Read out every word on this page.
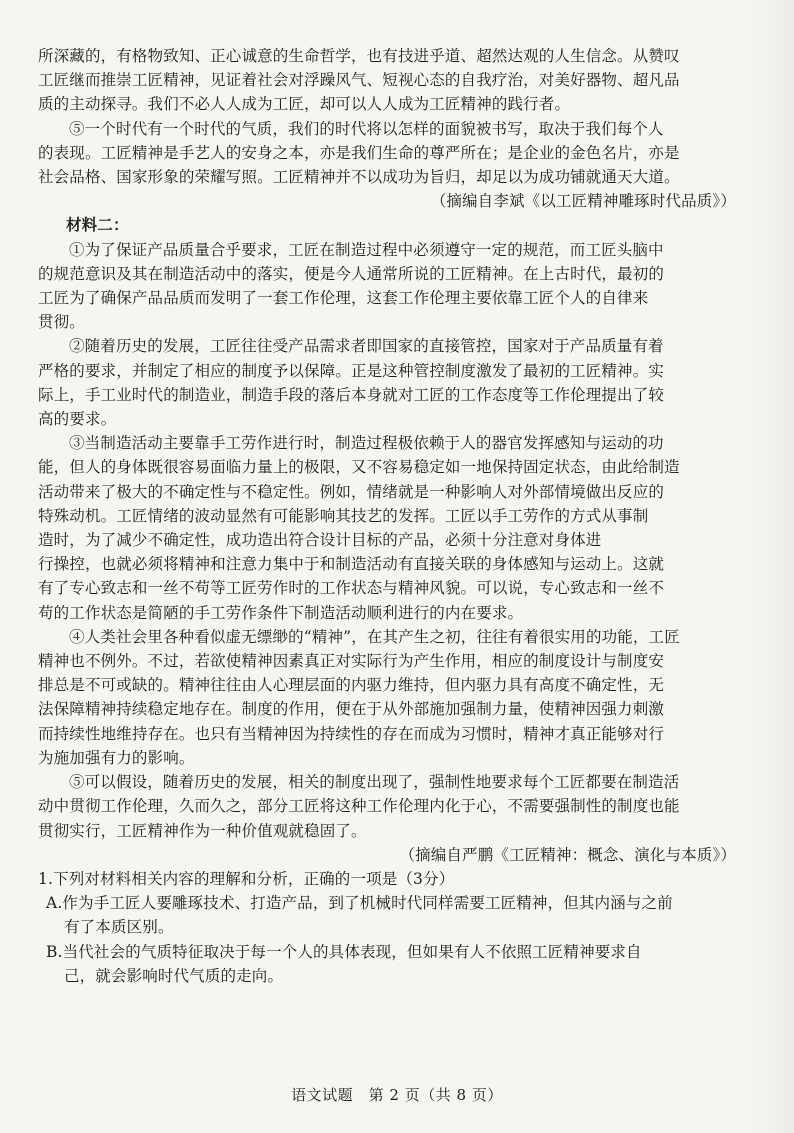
所深藏的，有格物致知、正心诚意的生命哲学，也有技进乎道、超然达观的人生信念。从赞叹
工匠继而推崇工匠精神，见证着社会对浮躁风气、短视心态的自我疗治，对美好器物、超凡品
质的主动探寻。我们不必人人成为工匠，却可以人人成为工匠精神的践行者。
⑤一个时代有一个时代的气质，我们的时代将以怎样的面貌被书写，取决于我们每个人
的表现。工匠精神是手艺人的安身之本，亦是我们生命的尊严所在；是企业的金色名片，亦是
社会品格、国家形象的荣耀写照。工匠精神并不以成功为旨归，却足以为成功铺就通天大道。
（摘编自李斌《以工匠精神雕琢时代品质》）
材料二：
①为了保证产品质量合乎要求，工匠在制造过程中必须遵守一定的规范，而工匠头脑中
的规范意识及其在制造活动中的落实，便是今人通常所说的工匠精神。在上古时代，最初的
工匠为了确保产品品质而发明了一套工作伦理，这套工作伦理主要依靠工匠个人的自律来
贯彻。
②随着历史的发展，工匠往往受产品需求者即国家的直接管控，国家对于产品质量有着
严格的要求，并制定了相应的制度予以保障。正是这种管控制度激发了最初的工匠精神。实
际上，手工业时代的制造业，制造手段的落后本身就对工匠的工作态度等工作伦理提出了较
高的要求。
③当制造活动主要靠手工劳作进行时，制造过程极依赖于人的器官发挥感知与运动的功
能，但人的身体既很容易面临力量上的极限，又不容易稳定如一地保持固定状态，由此给制造
活动带来了极大的不确定性与不稳定性。例如，情绪就是一种影响人对外部情境做出反应的
特殊动机。工匠情绪的波动显然有可能影响其技艺的发挥。工匠以手工劳作的方式从事制
造时，为了减少不确定性，成功造出符合设计目标的产品，必须十分注意对身体进
行操控，也就必须将精神和注意力集中于和制造活动有直接关联的身体感知与运动上。这就
有了专心致志和一丝不苟等工匠劳作时的工作状态与精神风貌。可以说，专心致志和一丝不
苟的工作状态是简陋的手工劳作条件下制造活动顺利进行的内在要求。
④人类社会里各种看似虚无缥缈的“精神”，在其产生之初，往往有着很实用的功能，工匠
精神也不例外。不过，若欲使精神因素真正对实际行为产生作用，相应的制度设计与制度安
排总是不可或缺的。精神往往由人心理层面的内驱力维持，但内驱力具有高度不确定性，无
法保障精神持续稳定地存在。制度的作用，便在于从外部施加强制力量，使精神因强力刺激
而持续性地维持存在。也只有当精神因为持续性的存在而成为习惯时，精神才真正能够对行
为施加强有力的影响。
⑤可以假设，随着历史的发展，相关的制度出现了，强制性地要求每个工匠都要在制造活
动中贯彻工作伦理，久而久之，部分工匠将这种工作伦理内化于心，不需要强制性的制度也能
贯彻实行，工匠精神作为一种价值观就稳固了。
（摘编自严鹏《工匠精神：概念、演化与本质》）
1.下列对材料相关内容的理解和分析，正确的一项是（3分）
A.作为手工匠人要雕琢技术、打造产品，到了机械时代同样需要工匠精神，但其内涵与之前
有了本质区别。
B.当代社会的气质特征取决于每一个人的具体表现，但如果有人不依照工匠精神要求自
己，就会影响时代气质的走向。
语文试题　第 2 页（共 8 页）
